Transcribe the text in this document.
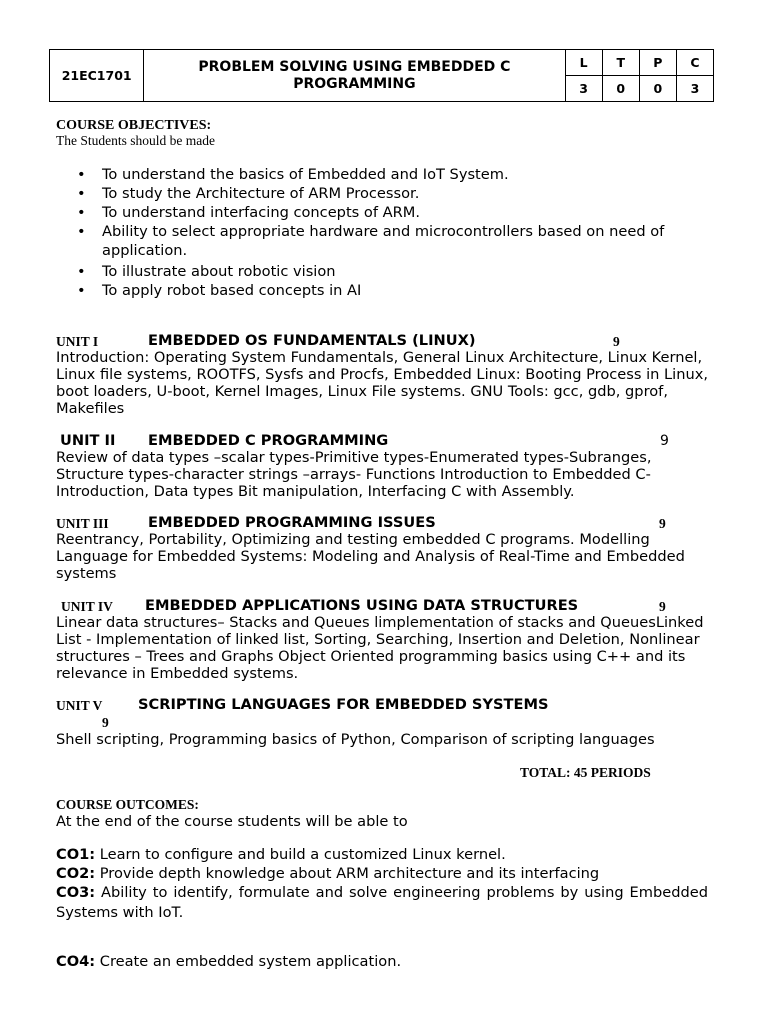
21EC1701	PROBLEM SOLVING USING EMBEDDED C PROGRAMMING	L	T	P	C
		3	0	0	3
COURSE OBJECTIVES:
The Students should be made
• To understand the basics of Embedded and IoT System.
• To study the Architecture of ARM Processor.
• To understand interfacing concepts of ARM.
• Ability to select appropriate hardware and microcontrollers based on need of application.
• To illustrate about robotic vision
• To apply robot based concepts in AI
UNIT I	EMBEDDED OS FUNDAMENTALS (LINUX)	9

Introduction: Operating System Fundamentals, General Linux Architecture, Linux Kernel, Linux file systems, ROOTFS, Sysfs and Procfs, Embedded Linux: Booting Process in Linux, boot loaders, U-boot, Kernel Images, Linux File systems. GNU Tools: gcc, gdb, gprof, Makefiles

UNIT II EMBEDDED C PROGRAMMING	9

Review of data types –scalar types-Primitive types-Enumerated types-Subranges, Structure types-character strings –arrays- Functions Introduction to Embedded C-Introduction, Data types Bit manipulation, Interfacing C with Assembly.

UNIT III	EMBEDDED PROGRAMMING ISSUES	9

Reentrancy, Portability, Optimizing and testing embedded C programs. Modelling Language for Embedded Systems: Modeling and Analysis of Real-Time and Embedded systems

UNIT IV EMBEDDED APPLICATIONS USING DATA STRUCTURES	9

Linear data structures– Stacks and Queues limplementation of stacks and QueuesLinked List - Implementation of linked list, Sorting, Searching, Insertion and Deletion, Nonlinear structures – Trees and Graphs Object Oriented programming basics using C++ and its relevance in Embedded systems.

UNIT V SCRIPTING LANGUAGES FOR EMBEDDED SYSTEMS
9

Shell scripting, Programming basics of Python, Comparison of scripting languages

TOTAL: 45 PERIODS
COURSE OUTCOMES:
At the end of the course students will be able to

CO1: Learn to configure and build a customized Linux kernel.

CO2: Provide depth knowledge about ARM architecture and its interfacing

CO3: Ability to identify, formulate and solve engineering problems by using Embedded Systems with IoT.

CO4: Create an embedded system application.
